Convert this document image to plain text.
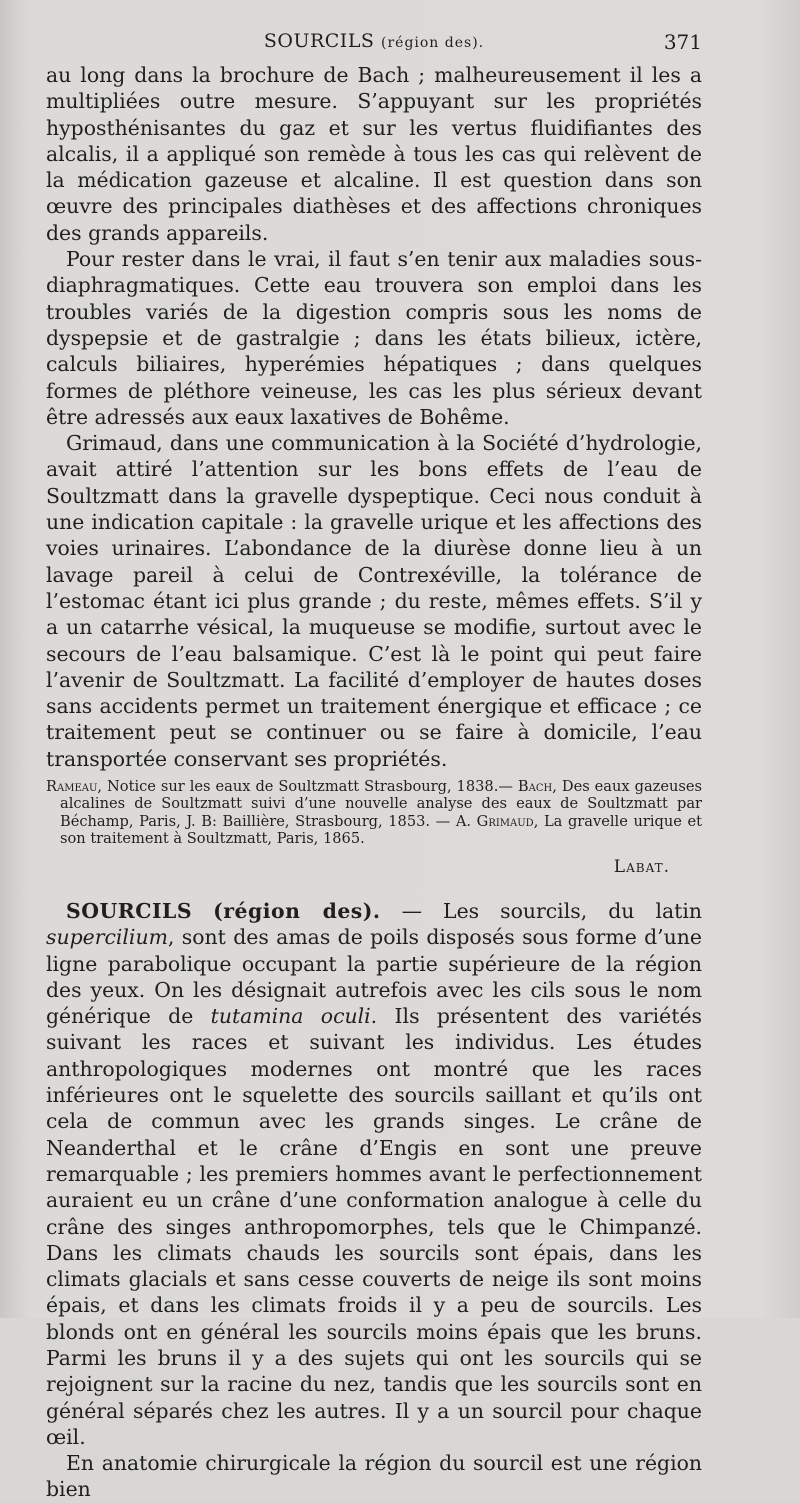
SOURCILS (région des).	371

au long dans la brochure de Bach ; malheureusement il les a multipliées outre mesure. S’appuyant sur les propriétés hyposthénisantes du gaz et sur les vertus fluidifiantes des alcalis, il a appliqué son remède à tous les cas qui relèvent de la médication gazeuse et alcaline. Il est question dans son œuvre des principales diathèses et des affections chroniques des grands appareils.

Pour rester dans le vrai, il faut s’en tenir aux maladies sous-diaphragmatiques. Cette eau trouvera son emploi dans les troubles variés de la digestion compris sous les noms de dyspepsie et de gastralgie ; dans les états bilieux, ictère, calculs biliaires, hyperémies hépatiques ; dans quelques formes de pléthore veineuse, les cas les plus sérieux devant être adressés aux eaux laxatives de Bohême.

Grimaud, dans une communication à la Société d’hydrologie, avait attiré l’attention sur les bons effets de l’eau de Soultzmatt dans la gravelle dyspeptique. Ceci nous conduit à une indication capitale : la gravelle urique et les affections des voies urinaires. L’abondance de la diurèse donne lieu à un lavage pareil à celui de Contrexéville, la tolérance de l’estomac étant ici plus grande ; du reste, mêmes effets. S’il y a un catarrhe vésical, la muqueuse se modifie, surtout avec le secours de l’eau balsamique. C’est là le point qui peut faire l’avenir de Soultzmatt. La facilité d’employer de hautes doses sans accidents permet un traitement énergique et efficace ; ce traitement peut se continuer ou se faire à domicile, l’eau transportée conservant ses propriétés.

Rameau, Notice sur les eaux de Soultzmatt Strasbourg, 1838.— Bach, Des eaux gazeuses alcalines de Soultzmatt suivi d’une nouvelle analyse des eaux de Soultzmatt par Béchamp, Paris, J. B: Baillière, Strasbourg, 1853. — A. Grimaud, La gravelle urique et son traitement à Soultzmatt, Paris, 1865.
Labat.

SOURCILS (région des). — Les sourcils, du latin supercilium, sont des amas de poils disposés sous forme d’une ligne parabolique occupant la partie supérieure de la région des yeux. On les désignait autrefois avec les cils sous le nom générique de tutamina oculi. Ils présentent des variétés suivant les races et suivant les individus. Les études anthropologiques modernes ont montré que les races inférieures ont le squelette des sourcils saillant et qu’ils ont cela de commun avec les grands singes. Le crâne de Neanderthal et le crâne d’Engis en sont une preuve remarquable ; les premiers hommes avant le perfectionnement auraient eu un crâne d’une conformation analogue à celle du crâne des singes anthropomorphes, tels que le Chimpanzé. Dans les climats chauds les sourcils sont épais, dans les climats glacials et sans cesse couverts de neige ils sont moins épais, et dans les climats froids il y a peu de sourcils. Les blonds ont en général les sourcils moins épais que les bruns. Parmi les bruns il y a des sujets qui ont les sourcils qui se rejoignent sur la racine du nez, tandis que les sourcils sont en général séparés chez les autres. Il y a un sourcil pour chaque œil.

En anatomie chirurgicale la région du sourcil est une région bien
